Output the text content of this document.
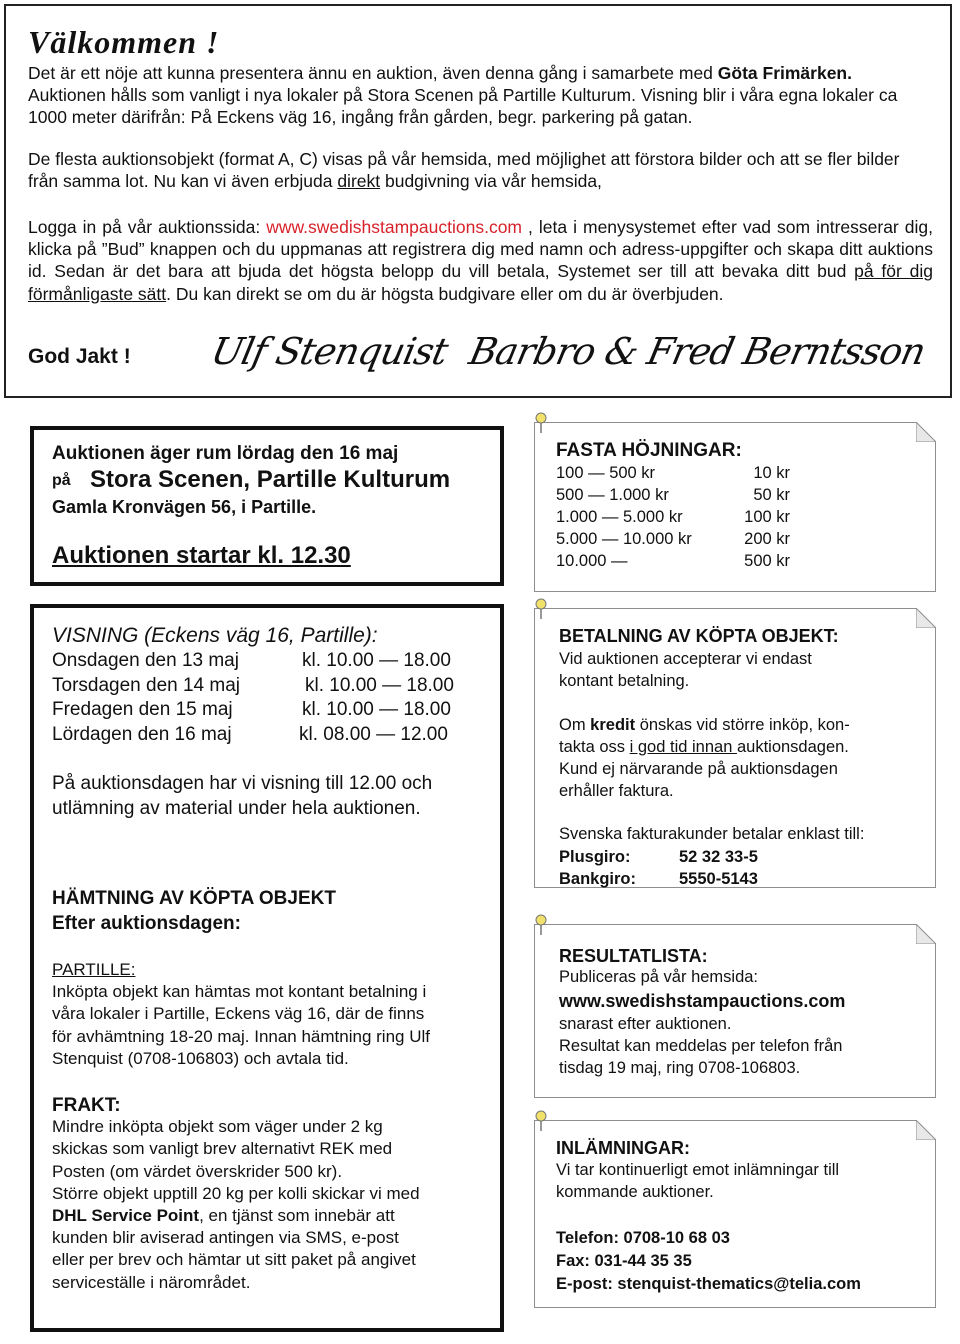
Välkommen !
Det är ett nöje att kunna presentera ännu en auktion, även denna gång i samarbete med Göta Frimärken. Auktionen hålls som vanligt i nya lokaler på Stora Scenen på Partille Kulturum. Visning blir i våra egna lokaler ca 1000 meter därifrån: På Eckens väg 16, ingång från gården, begr. parkering på gatan.
De flesta auktionsobjekt (format A, C) visas på vår hemsida, med möjlighet att förstora bilder och att se fler bilder från samma lot. Nu kan vi även erbjuda direkt budgivning via vår hemsida,
Logga in på vår auktionssida: www.swedishstampauctions.com , leta i menysystemet efter vad som intresserar dig, klicka på ”Bud” knappen och du uppmanas att registrera dig med namn och adress-uppgifter och skapa ditt auktions id. Sedan är det bara att bjuda det högsta belopp du vill betala, Systemet ser till att bevaka ditt bud på för dig förmånligaste sätt. Du kan direkt se om du är högsta budgivare eller om du är överbjuden.
God Jakt ! Ulf Stenquist Barbro & Fred Berntsson
Auktionen äger rum lördag den 16 maj
på Stora Scenen, Partille Kulturum
Gamla Kronvägen 56, i Partille.
Auktionen startar kl. 12.30
FASTA HÖJNINGAR:
100 — 500 kr	10 kr
500 — 1.000 kr	50 kr
1.000 — 5.000 kr	100 kr
5.000 — 10.000 kr	200 kr
10.000 —	500 kr
VISNING (Eckens väg 16, Partille):
Onsdagen den 13 maj	kl. 10.00 — 18.00
Torsdagen den 14 maj	kl. 10.00 — 18.00
Fredagen den 15 maj	kl. 10.00 — 18.00
Lördagen den 16 maj	kl. 08.00 — 12.00
På auktionsdagen har vi visning till 12.00 och
utlämning av material under hela auktionen.
HÄMTNING AV KÖPTA OBJEKT
Efter auktionsdagen:
PARTILLE:
Inköpta objekt kan hämtas mot kontant betalning i
våra lokaler i Partille, Eckens väg 16, där de finns
för avhämtning 18-20 maj. Innan hämtning ring Ulf
Stenquist (0708-106803) och avtala tid.
FRAKT:
Mindre inköpta objekt som väger under 2 kg
skickas som vanligt brev alternativt REK med
Posten (om värdet överskrider 500 kr).
Större objekt upptill 20 kg per kolli skickar vi med
DHL Service Point, en tjänst som innebär att
kunden blir aviserad antingen via SMS, e-post
eller per brev och hämtar ut sitt paket på angivet
serviceställe i närområdet.
BETALNING AV KÖPTA OBJEKT:
Vid auktionen accepterar vi endast
kontant betalning.
Om kredit önskas vid större inköp, kon-
takta oss i god tid innan auktionsdagen.
Kund ej närvarande på auktionsdagen
erhåller faktura.
Svenska fakturakunder betalar enklast till:
Plusgiro:	52 32 33-5
Bankgiro:	5550-5143
RESULTATLISTA:
Publiceras på vår hemsida:
www.swedishstampauctions.com
snarast efter auktionen.
Resultat kan meddelas per telefon från
tisdag 19 maj, ring 0708-106803.
INLÄMNINGAR:
Vi tar kontinuerligt emot inlämningar till
kommande auktioner.
Telefon: 0708-10 68 03
Fax: 031-44 35 35
E-post: stenquist-thematics@telia.com
